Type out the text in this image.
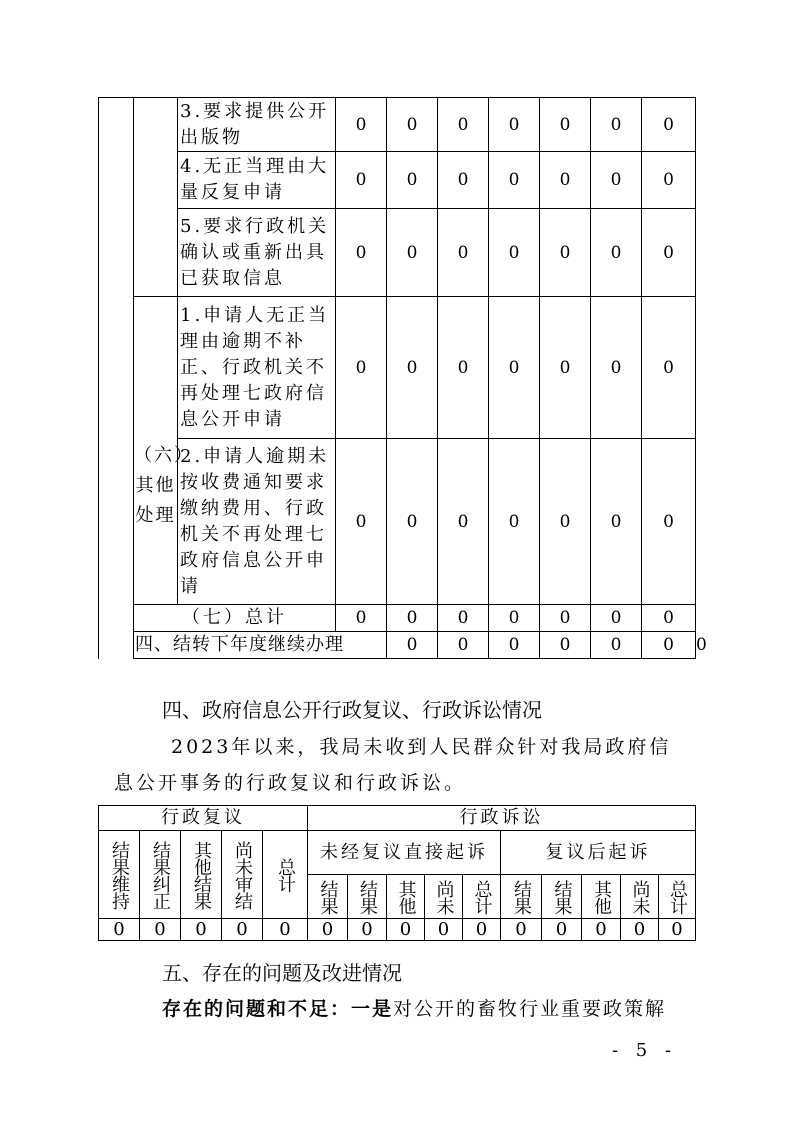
		3.要求提供公开出版物	0	0	0	0	0	0	0	
		4.无正当理由大量反复申请	0	0	0	0	0	0	0	
		5.要求行政机关确认或重新出具已获取信息	0	0	0	0	0	0	0	
	（六）其他处理	1.申请人无正当理由逾期不补正、行政机关不再处理七政府信息公开申请	0	0	0	0	0	0	0	
		2.申请人逾期未按收费通知要求缴纳费用、行政机关不再处理七政府信息公开申请	0	0	0	0	0	0	0	
	（七）总计		0	0	0	0	0	0	0	
	四、结转下年度继续办理			0	0	0	0	0	0	0
四、政府信息公开行政复议、行政诉讼情况
2023年以来，我局未收到人民群众针对我局政府信
息公开事务的行政复议和行政诉讼。
行政复议					行政诉讼									

结果维持	结果纠正	其他结果	尚未审结	总计	未经复议直接起诉					复议后起诉				

					结果	结果	其他	尚未	总计	结果	结果	其他	尚未	总计

0	0	0	0	0	0	0	0	0	0	0	0	0	0	0
五、存在的问题及改进情况
存在的问题和不足：一是对公开的畜牧行业重要政策解
- 5 -
